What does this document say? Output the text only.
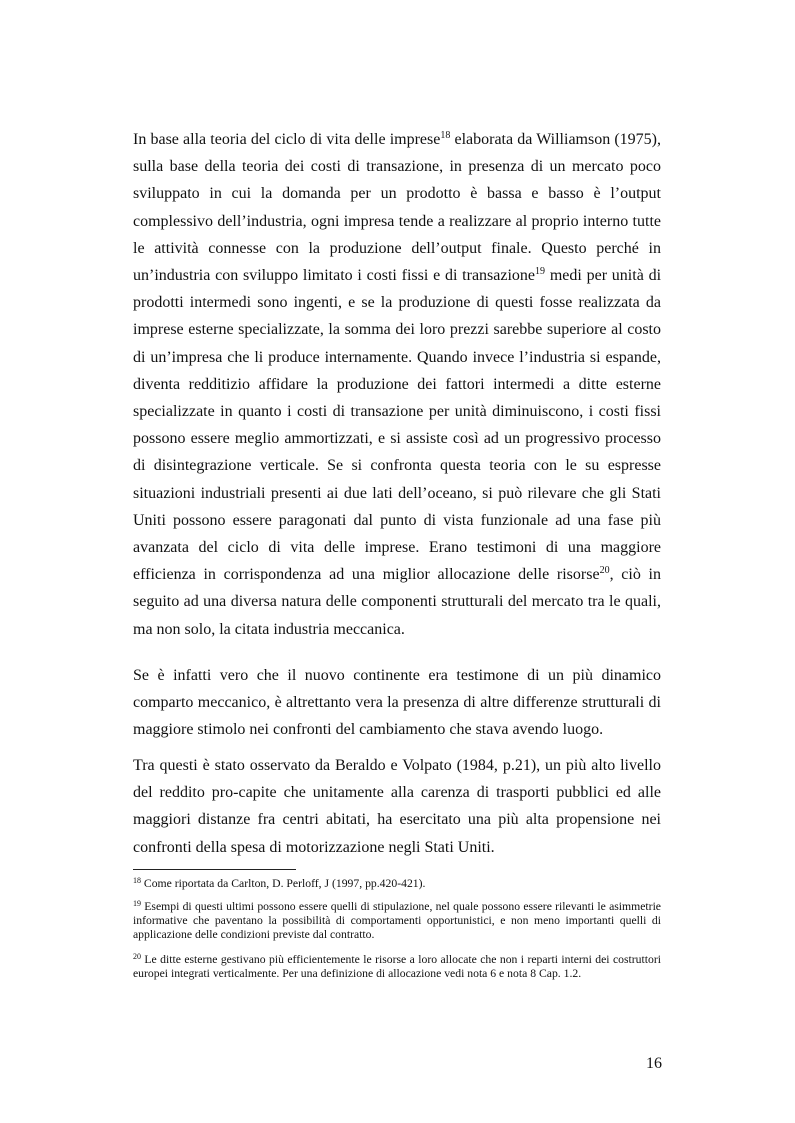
In base alla teoria del ciclo di vita delle imprese$^{18}$ elaborata da Williamson (1975), sulla base della teoria dei costi di transazione, in presenza di un mercato poco sviluppato in cui la domanda per un prodotto è bassa e basso è l’output complessivo dell’industria, ogni impresa tende a realizzare al proprio interno tutte le attività connesse con la produzione dell’output finale. Questo perché in un’industria con sviluppo limitato i costi fissi e di transazione$^{19}$ medi per unità di prodotti intermedi sono ingenti, e se la produzione di questi fosse realizzata da imprese esterne specializzate, la somma dei loro prezzi sarebbe superiore al costo di un’impresa che li produce internamente. Quando invece l’industria si espande, diventa redditizio affidare la produzione dei fattori intermedi a ditte esterne specializzate in quanto i costi di transazione per unità diminuiscono, i costi fissi possono essere meglio ammortizzati, e si assiste così ad un progressivo processo di disintegrazione verticale. Se si confronta questa teoria con le su espresse situazioni industriali presenti ai due lati dell’oceano, si può rilevare che gli Stati Uniti possono essere paragonati dal punto di vista funzionale ad una fase più avanzata del ciclo di vita delle imprese. Erano testimoni di una maggiore efficienza in corrispondenza ad una miglior allocazione delle risorse$^{20}$, ciò in seguito ad una diversa natura delle componenti strutturali del mercato tra le quali, ma non solo, la citata industria meccanica.

Se è infatti vero che il nuovo continente era testimone di un più dinamico comparto meccanico, è altrettanto vera la presenza di altre differenze strutturali di maggiore stimolo nei confronti del cambiamento che stava avendo luogo.

Tra questi è stato osservato da Beraldo e Volpato (1984, p.21), un più alto livello del reddito pro-capite che unitamente alla carenza di trasporti pubblici ed alle maggiori distanze fra centri abitati, ha esercitato una più alta propensione nei confronti della spesa di motorizzazione negli Stati Uniti.

$^{18}$ Come riportata da Carlton, D. Perloff, J (1997, pp.420-421).

$^{19}$ Esempi di questi ultimi possono essere quelli di stipulazione, nel quale possono essere rilevanti le asimmetrie informative che paventano la possibilità di comportamenti opportunistici, e non meno importanti quelli di applicazione delle condizioni previste dal contratto.

$^{20}$ Le ditte esterne gestivano più efficientemente le risorse a loro allocate che non i reparti interni dei costruttori europei integrati verticalmente. Per una definizione di allocazione vedi nota 6 e nota 8 Cap. 1.2.

16
